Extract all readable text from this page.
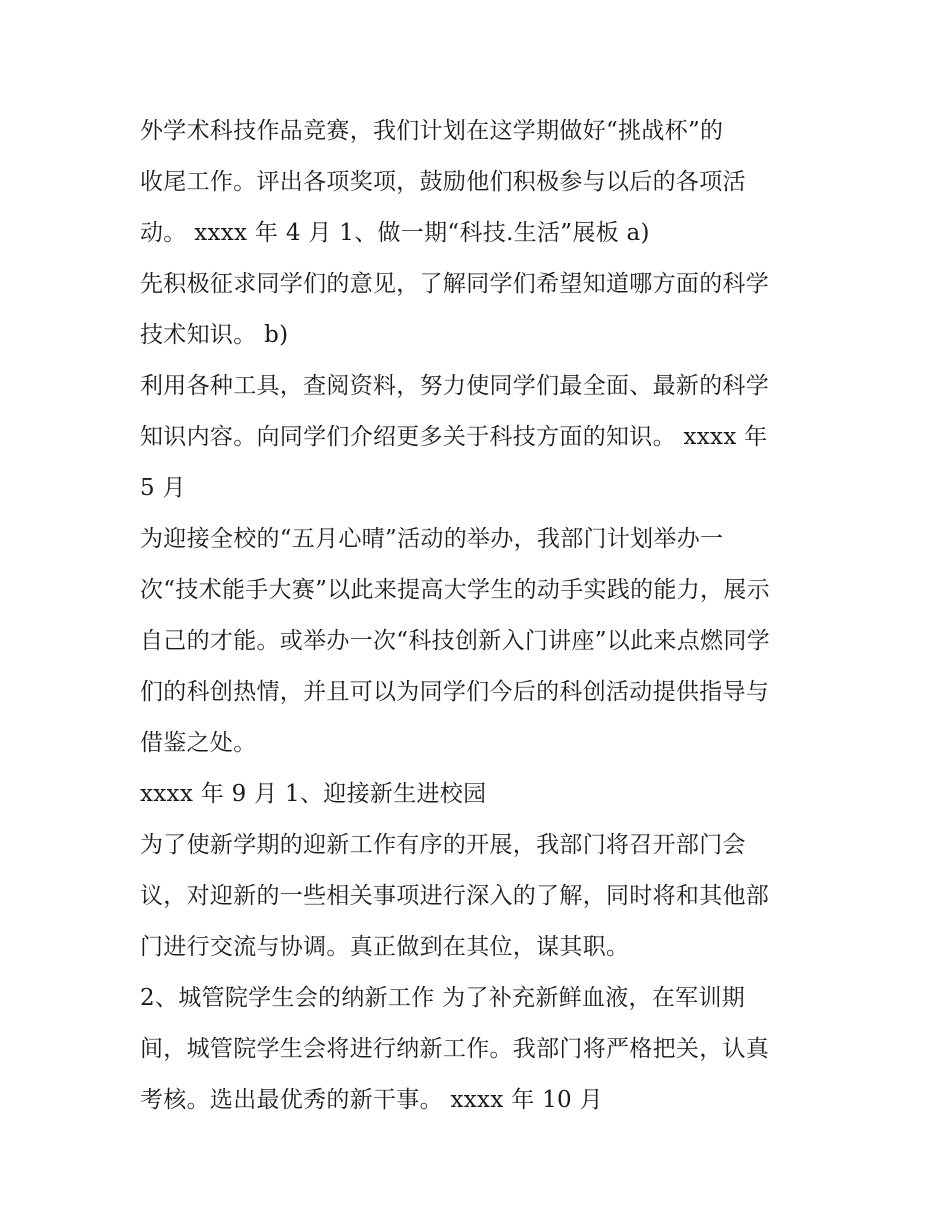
外学术科技作品竞赛，我们计划在这学期做好“挑战杯”的
收尾工作。评出各项奖项，鼓励他们积极参与以后的各项活
动。 xxxx 年 4 月 1、做一期“科技.生活”展板 a)
先积极征求同学们的意见，了解同学们希望知道哪方面的科学
技术知识。 b)
利用各种工具，查阅资料，努力使同学们最全面、最新的科学
知识内容。向同学们介绍更多关于科技方面的知识。 xxxx 年
5 月
为迎接全校的“五月心晴”活动的举办，我部门计划举办一
次“技术能手大赛”以此来提高大学生的动手实践的能力，展示
自己的才能。或举办一次“科技创新入门讲座”以此来点燃同学
们的科创热情，并且可以为同学们今后的科创活动提供指导与
借鉴之处。
xxxx 年 9 月 1、迎接新生进校园
为了使新学期的迎新工作有序的开展，我部门将召开部门会
议，对迎新的一些相关事项进行深入的了解，同时将和其他部
门进行交流与协调。真正做到在其位，谋其职。
2、城管院学生会的纳新工作 为了补充新鲜血液，在军训期
间，城管院学生会将进行纳新工作。我部门将严格把关，认真
考核。选出最优秀的新干事。 xxxx 年 10 月
